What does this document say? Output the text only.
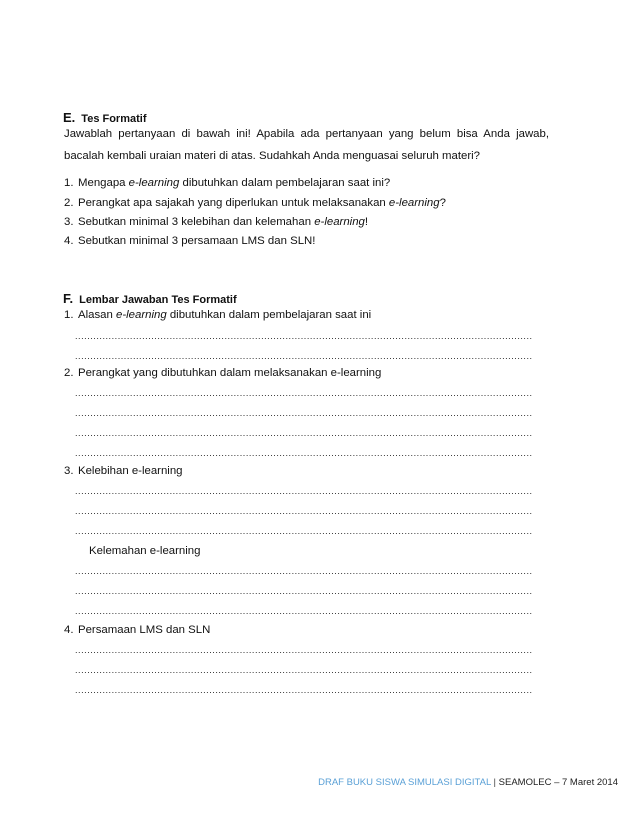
E. Tes Formatif
Jawablah pertanyaan di bawah ini! Apabila ada pertanyaan yang belum bisa Anda jawab,
bacalah kembali uraian materi di atas. Sudahkah Anda menguasai seluruh materi?
1. Mengapa e-learning dibutuhkan dalam pembelajaran saat ini?
2. Perangkat apa sajakah yang diperlukan untuk melaksanakan e-learning?
3. Sebutkan minimal 3 kelebihan dan kelemahan e-learning!
4. Sebutkan minimal 3 persamaan LMS dan SLN!
F. Lembar Jawaban Tes Formatif
1. Alasan e-learning dibutuhkan dalam pembelajaran saat ini
......................................................................................................................................................
......................................................................................................................................................
2. Perangkat yang dibutuhkan dalam melaksanakan e-learning
......................................................................................................................................................
......................................................................................................................................................
......................................................................................................................................................
......................................................................................................................................................
3. Kelebihan e-learning
......................................................................................................................................................
......................................................................................................................................................
......................................................................................................................................................
Kelemahan e-learning
......................................................................................................................................................
......................................................................................................................................................
......................................................................................................................................................
4. Persamaan LMS dan SLN
......................................................................................................................................................
......................................................................................................................................................
......................................................................................................................................................
DRAF BUKU SISWA SIMULASI DIGITAL | SEAMOLEC – 7 Maret 2014
